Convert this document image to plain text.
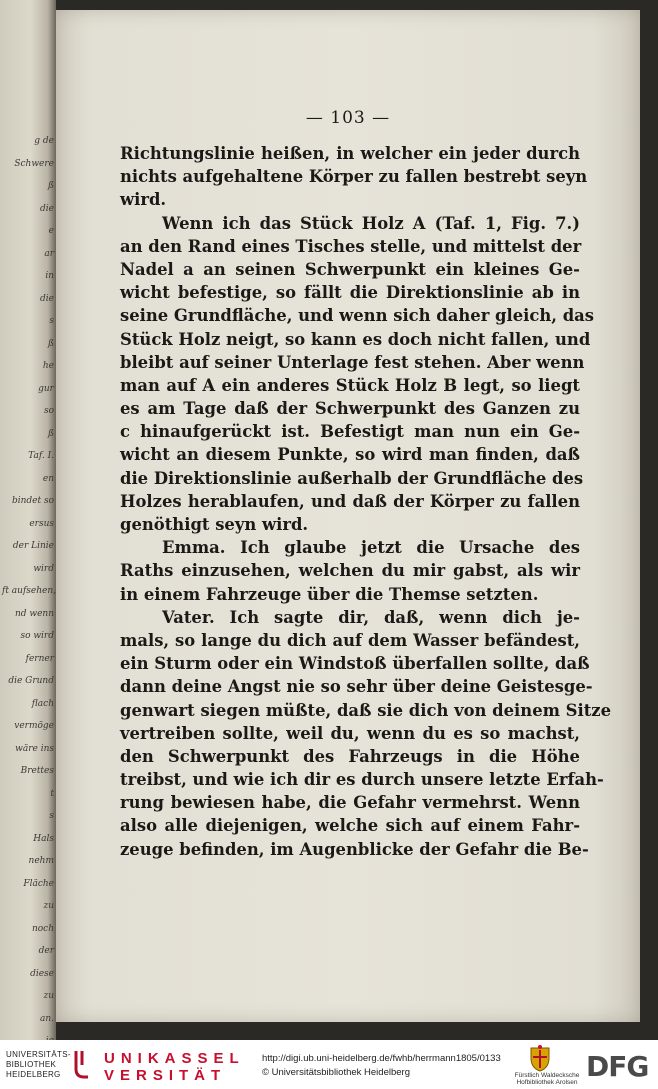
g de
Schwere
ß
die
e
ar
in
die
s
ß
he
gur
so
ß
Taf. I.
en
bindet so
ersus
der Linie
wird
ft aufsehen,
nd wenn
so wird
ferner
die Grund
flach
vermöge
wäre ins
Brettes
t
s
Hals
nehm
Fläche
zu
noch
der
diese
zu
an.
— 103 —
Richtungslinie heißen, in welcher ein jeder durch
nichts aufgehaltene Körper zu fallen bestrebt seyn
wird.
Wenn ich das Stück Holz A (Taf. 1, Fig. 7.)
an den Rand eines Tisches stelle, und mittelst der
Nadel a an seinen Schwerpunkt ein kleines Ge-
wicht befestige, so fällt die Direktionslinie ab in
seine Grundfläche, und wenn sich daher gleich, das
Stück Holz neigt, so kann es doch nicht fallen, und
bleibt auf seiner Unterlage fest stehen. Aber wenn
man auf A ein anderes Stück Holz B legt, so liegt
es am Tage daß der Schwerpunkt des Ganzen zu
c hinaufgerückt ist. Befestigt man nun ein Ge-
wicht an diesem Punkte, so wird man finden, daß
die Direktionslinie außerhalb der Grundfläche des
Holzes herablaufen, und daß der Körper zu fallen
genöthigt seyn wird.
Emma. Ich glaube jetzt die Ursache des
Raths einzusehen, welchen du mir gabst, als wir
in einem Fahrzeuge über die Themse setzten.
Vater. Ich sagte dir, daß, wenn dich je-
mals, so lange du dich auf dem Wasser befändest,
ein Sturm oder ein Windstoß überfallen sollte, daß
dann deine Angst nie so sehr über deine Geistesge-
genwart siegen müßte, daß sie dich von deinem Sitze
vertreiben sollte, weil du, wenn du es so machst,
den Schwerpunkt des Fahrzeugs in die Höhe
treibst, und wie ich dir es durch unsere letzte Erfah-
rung bewiesen habe, die Gefahr vermehrst. Wenn
also alle diejenigen, welche sich auf einem Fahr-
zeuge befinden, im Augenblicke der Gefahr die Be-
UNIVERSITÄTS-
BIBLIOTHEK
HEIDELBERG
UNIKASSEL
VERSITÄT
http://digi.ub.uni-heidelberg.de/fwhb/herrmann1805/0133
© Universitätsbibliothek Heidelberg	Fürstlich Waldecksche
Hofbibliothek Arolsen DFG
